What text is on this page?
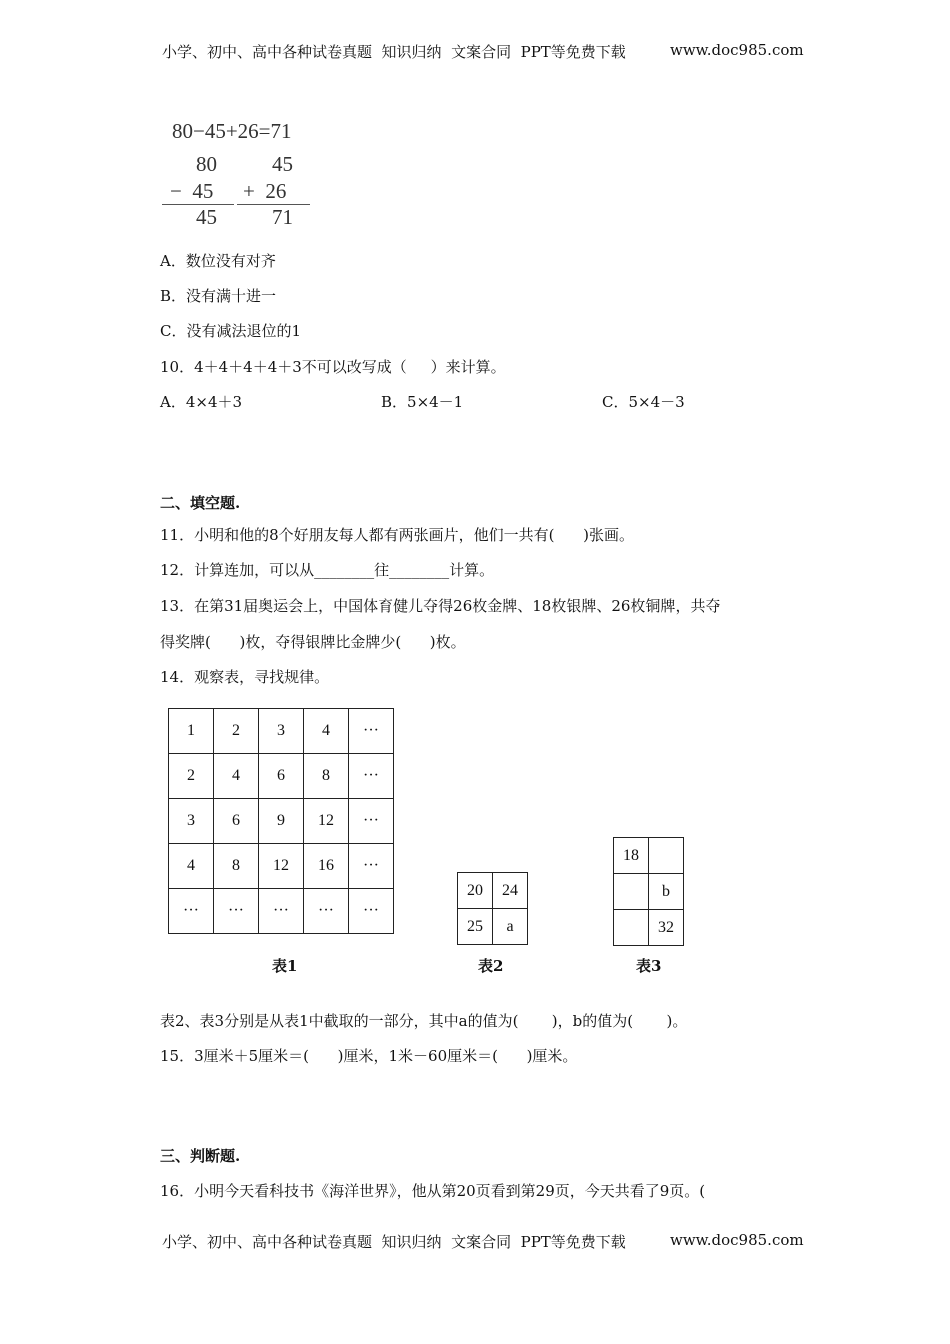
小学、初中、高中各种试卷真题  知识归纳  文案合同  PPT等免费下载	www.doc985.com
80−45+26=71
80
−  45
45
45
+  26
71
A．数位没有对齐
B．没有满十进一
C．没有减法退位的1
10．4＋4＋4＋4＋3不可以改写成（     ）来计算。
A．4×4＋3	B．5×4－1	C．5×4－3
二、填空题.
11．小明和他的8个好朋友每人都有两张画片，他们一共有(      )张画。
12．计算连加，可以从________往________计算。
13．在第31届奥运会上，中国体育健儿夺得26枚金牌、18枚银牌、26枚铜牌，共夺
得奖牌(      )枚，夺得银牌比金牌少(      )枚。
14．观察表，寻找规律。
1	2	3	4	···
2	4	6	8	···
3	6	9	12	···
4	8	12	16	···
···	···	···	···	···
20	24
25	a
18	
	b
	32
表1	表2	表3
表2、表3分别是从表1中截取的一部分，其中a的值为(       )，b的值为(       )。
15．3厘米＋5厘米＝(      )厘米，1米－60厘米＝(      )厘米。
三、判断题.
16．小明今天看科技书《海洋世界》，他从第20页看到第29页，今天共看了9页。(
小学、初中、高中各种试卷真题  知识归纳  文案合同  PPT等免费下载	www.doc985.com
